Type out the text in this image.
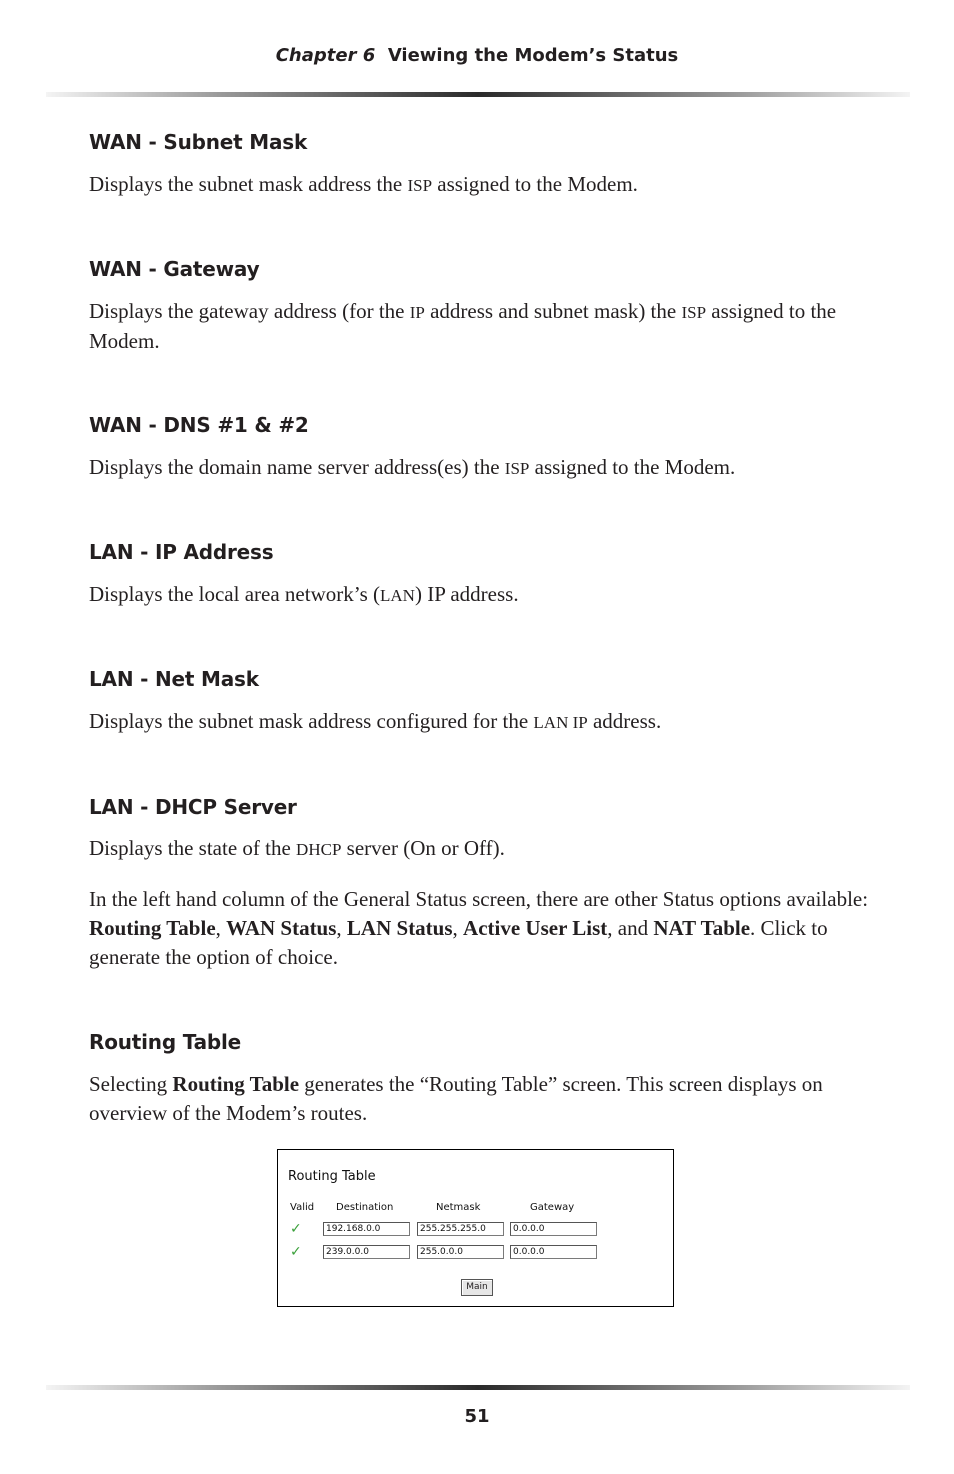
Chapter 6 Viewing the Modem’s Status
WAN - Subnet Mask

Displays the subnet mask address the ISP assigned to the Modem.

WAN - Gateway

Displays the gateway address (for the IP address and subnet mask) the ISP assigned to the Modem.

WAN - DNS #1 & #2

Displays the domain name server address(es) the ISP assigned to the Modem.

LAN - IP Address

Displays the local area network’s (LAN) IP address.

LAN - Net Mask

Displays the subnet mask address configured for the LAN IP address.

LAN - DHCP Server

Displays the state of the DHCP server (On or Off).

In the left hand column of the General Status screen, there are other Status options available: Routing Table, WAN Status, LAN Status, Active User List, and NAT Table. Click to generate the option of choice.

Routing Table

Selecting Routing Table generates the “Routing Table” screen. This screen displays on overview of the Modem’s routes.

Routing Table
Valid Destination	Netmask	Gateway
✓	192.168.0.0	255.255.255.0	0.0.0.0
✓	239.0.0.0	255.0.0.0	0.0.0.0
Main
51
